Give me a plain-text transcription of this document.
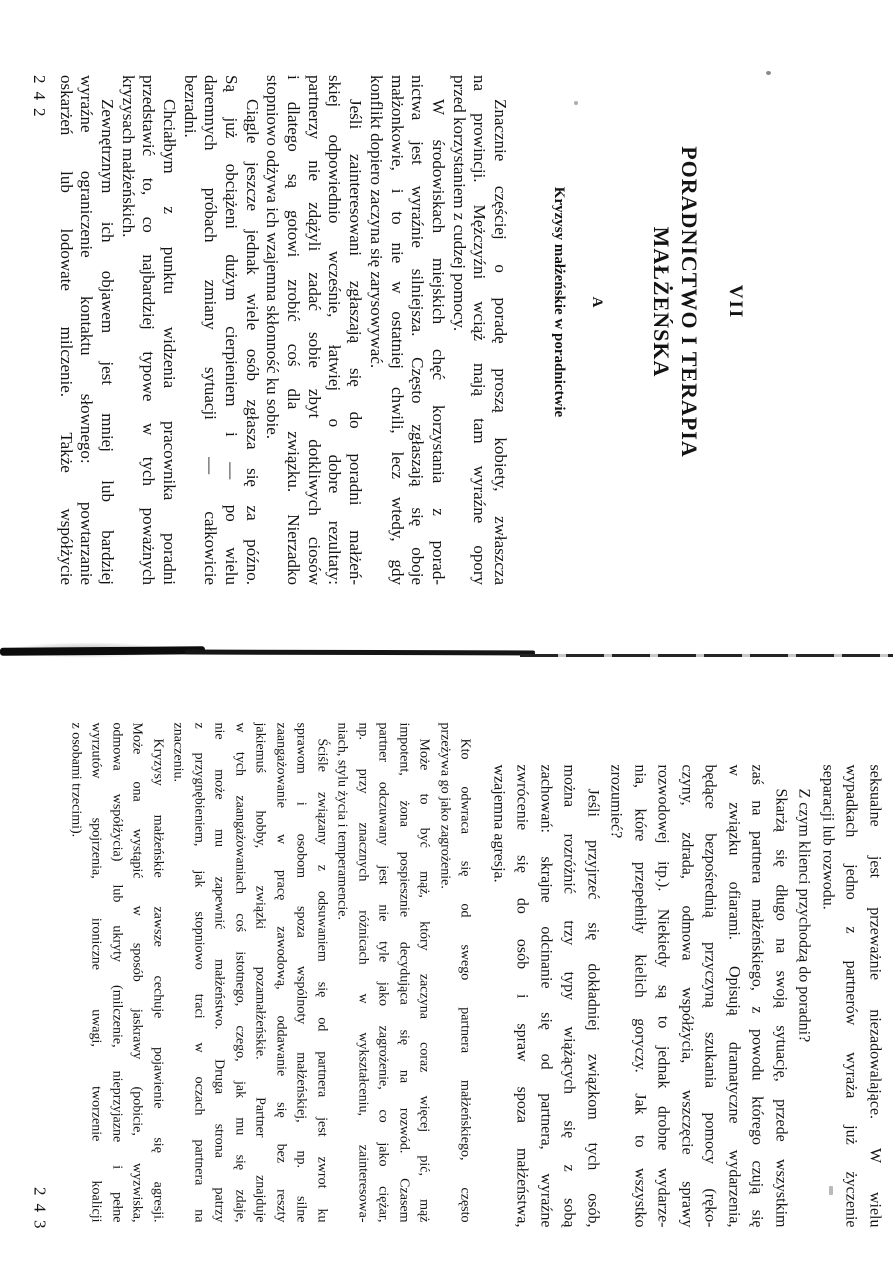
VII
PORADNICTWO I TERAPIA
MAŁŻEŃSKA
A
Kryzysy małżeńskie w poradnictwie
Znacznie częściej o poradę proszą kobiety, zwłaszcza
na prowincji. Mężczyźni wciąż mają tam wyraźne opory
przed korzystaniem z cudzej pomocy.
W środowiskach miejskich chęć korzystania z porad-
nictwa jest wyraźnie silniejsza. Często zgłaszają się oboje
małżonkowie, i to nie w ostatniej chwili, lecz wtedy, gdy
konflikt dopiero zaczyna się zarysowywać.
Jeśli zainteresowani zgłaszają się do poradni małżeń-
skiej odpowiednio wcześnie, łatwiej o dobre rezultaty:
partnerzy nie zdążyli zadać sobie zbyt dotkliwych ciosów
i dlatego są gotowi zrobić coś dla związku. Nierzadko
stopniowo odżywa ich wzajemna skłonność ku sobie.
Ciągle jeszcze jednak wiele osób zgłasza się za późno.
Są już obciążeni dużym cierpieniem i — po wielu
daremnych próbach zmiany sytuacji — całkowicie
bezradni.
Chciałbym z punktu widzenia pracownika poradni
przedstawić to, co najbardziej typowe w tych poważnych
kryzysach małżeńskich.
Zewnętrznym ich objawem jest mniej lub bardziej
wyraźne ograniczenie kontaktu słownego: powtarzanie
oskarżeń lub lodowate milczenie. Także współżycie
242
seksualne jest przeważnie niezadowalające. W wielu
wypadkach jedno z partnerów wyraża już życzenie
separacji lub rozwodu.
Z czym klienci przychodzą do poradni?
Skarżą się długo na swoją sytuację, przede wszystkim
zaś na partnera małżeńskiego, z powodu którego czują się
w związku ofiarami. Opisują dramatyczne wydarzenia,
będące bezpośrednią przyczyną szukania pomocy (ręko-
czyny, zdrada, odmowa współżycia, wszczęcie sprawy
rozwodowej itp.). Niekiedy są to jednak drobne wydarze-
nia, które przepełniły kielich goryczy. Jak to wszystko
zrozumieć?
Jeśli przyjrzeć się dokładniej związkom tych osób,
można rozróżnić trzy typy wiążących się z sobą
zachowań: skrajne odcinanie się od partnera, wyraźne
zwrócenie się do osób i spraw spoza małżeństwa,
wzajemna agresja.
Kto odwraca się od swego partnera małżeńskiego, często
przeżywa go jako zagrożenie.
Może to być mąż, który zaczyna coraz więcej pić, mąż
impotent, żona pospiesznie decydująca się na rozwód. Czasem
partner odczuwany jest nie tyle jako zagrożenie, co jako ciężar,
np. przy znacznych różnicach w wykształceniu, zainteresowa-
niach, stylu życia i temperamencie.
Ściśle związany z odsuwaniem się od partnera jest zwrot ku
sprawom i osobom spoza wspólnoty małżeńskiej, np. silne
zaangażowanie w pracę zawodową, oddawanie się bez reszty
jakiemuś hobby, związki pozamałżeńskie. Partner znajduje
w tych zaangażowaniach coś istotnego, czego, jak mu się zdaje,
nie może mu zapewnić małżeństwo. Druga strona patrzy
z przygnębieniem, jak stopniowo traci w oczach partnera na
znaczeniu.
Kryzysy małżeńskie zawsze cechuje pojawienie się agresji.
Może ona wystąpić w sposób jaskrawy (pobicie, wyzwiska,
odmowa współżycia) lub ukryty (milczenie, nieprzyjazne i pełne
wyrzutów spojrzenia, ironiczne uwagi, tworzenie koalicji
z osobami trzecimi).
243
